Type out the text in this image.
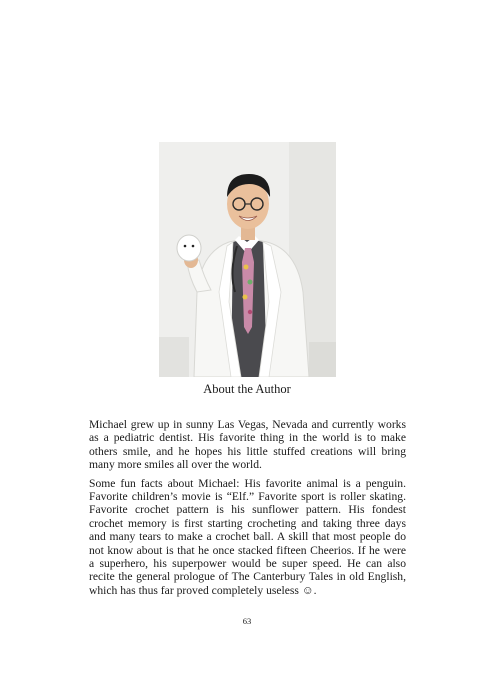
About the Author

Michael grew up in sunny Las Vegas, Nevada and currently works as a pediatric dentist. His favorite thing in the world is to make others smile, and he hopes his little stuffed creations will bring many more smiles all over the world.

Some fun facts about Michael: His favorite animal is a penguin. Favorite children’s movie is “Elf.” Favorite sport is roller skating. Favorite crochet pattern is his sunflower pattern. His fondest crochet memory is first starting crocheting and taking three days and many tears to make a crochet ball. A skill that most people do not know about is that he once stacked fifteen Cheerios. If he were a superhero, his superpower would be super speed. He can also recite the general prologue of The Canterbury Tales in old English, which has thus far proved completely useless ☺.

63
